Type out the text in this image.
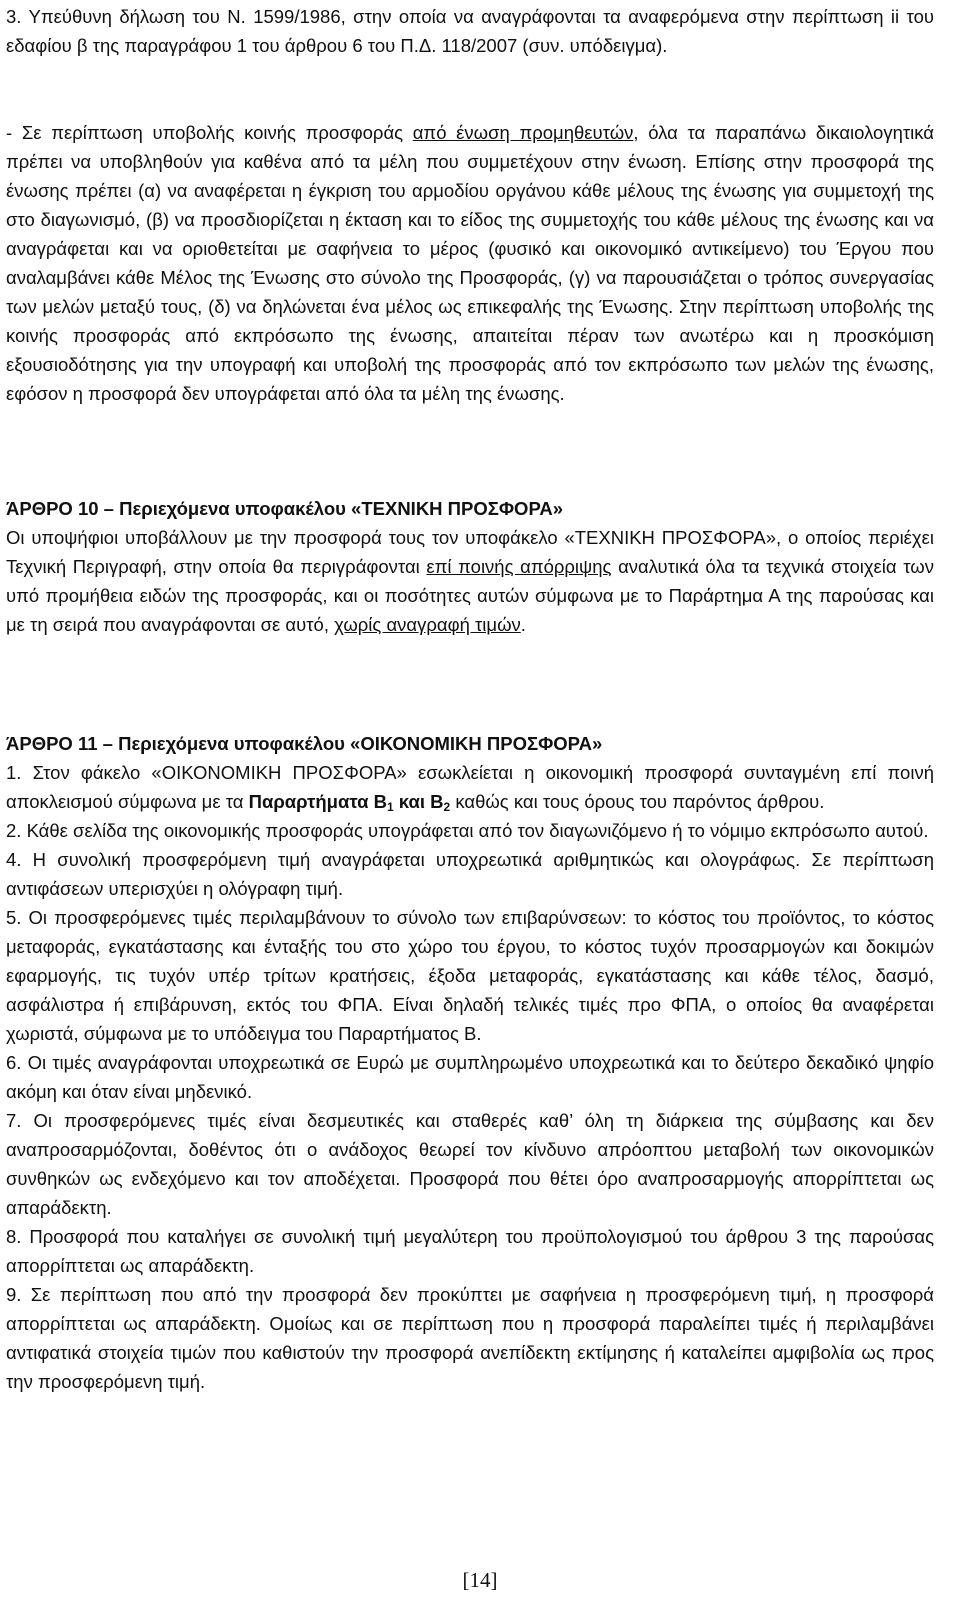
3. Υπεύθυνη δήλωση του Ν. 1599/1986, στην οποία να αναγράφονται τα αναφερόμενα στην περίπτωση ii του εδαφίου β της παραγράφου 1 του άρθρου 6 του Π.Δ. 118/2007 (συν. υπόδειγμα).

- Σε περίπτωση υποβολής κοινής προσφοράς από ένωση προμηθευτών, όλα τα παραπάνω δικαιολογητικά πρέπει να υποβληθούν για καθένα από τα μέλη που συμμετέχουν στην ένωση. Επίσης στην προσφορά της ένωσης πρέπει (α) να αναφέρεται η έγκριση του αρμοδίου οργάνου κάθε μέλους της ένωσης για συμμετοχή της στο διαγωνισμό, (β) να προσδιορίζεται η έκταση και το είδος της συμμετοχής του κάθε μέλους της ένωσης και να αναγράφεται και να οριοθετείται με σαφήνεια το μέρος (φυσικό και οικονομικό αντικείμενο) του Έργου που αναλαμβάνει κάθε Μέλος της Ένωσης στο σύνολο της Προσφοράς, (γ) να παρουσιάζεται ο τρόπος συνεργασίας των μελών μεταξύ τους, (δ) να δηλώνεται ένα μέλος ως επικεφαλής της Ένωσης. Στην περίπτωση υποβολής της κοινής προσφοράς από εκπρόσωπο της ένωσης, απαιτείται πέραν των ανωτέρω και η προσκόμιση εξουσιοδότησης για την υπογραφή και υποβολή της προσφοράς από τον εκπρόσωπο των μελών της ένωσης, εφόσον η προσφορά δεν υπογράφεται από όλα τα μέλη της ένωσης.

ΆΡΘΡΟ 10 – Περιεχόμενα υποφακέλου «ΤΕΧΝΙΚΗ ΠΡΟΣΦΟΡΑ»

Οι υποψήφιοι υποβάλλουν με την προσφορά τους τον υποφάκελο «ΤΕΧΝΙΚΗ ΠΡΟΣΦΟΡΑ», ο οποίος περιέχει Τεχνική Περιγραφή, στην οποία θα περιγράφονται επί ποινής απόρριψης αναλυτικά όλα τα τεχνικά στοιχεία των υπό προμήθεια ειδών της προσφοράς, και οι ποσότητες αυτών σύμφωνα με το Παράρτημα Α της παρούσας και με τη σειρά που αναγράφονται σε αυτό, χωρίς αναγραφή τιμών.

ΆΡΘΡΟ 11 – Περιεχόμενα υποφακέλου «ΟΙΚΟΝΟΜΙΚΗ ΠΡΟΣΦΟΡΑ»

1. Στον φάκελο «ΟΙΚΟΝΟΜΙΚΗ ΠΡΟΣΦΟΡΑ» εσωκλείεται η οικονομική προσφορά συνταγμένη επί ποινή αποκλεισμού σύμφωνα με τα Παραρτήματα $B_1$ και $B_2$ καθώς και τους όρους του παρόντος άρθρου.

2. Κάθε σελίδα της οικονομικής προσφοράς υπογράφεται από τον διαγωνιζόμενο ή το νόμιμο εκπρόσωπο αυτού.

4. Η συνολική προσφερόμενη τιμή αναγράφεται υποχρεωτικά αριθμητικώς και ολογράφως. Σε περίπτωση αντιφάσεων υπερισχύει η ολόγραφη τιμή.

5. Οι προσφερόμενες τιμές περιλαμβάνουν το σύνολο των επιβαρύνσεων: το κόστος του προϊόντος, το κόστος μεταφοράς, εγκατάστασης και ένταξής του στο χώρο του έργου, το κόστος τυχόν προσαρμογών και δοκιμών εφαρμογής, τις τυχόν υπέρ τρίτων κρατήσεις, έξοδα μεταφοράς, εγκατάστασης και κάθε τέλος, δασμό, ασφάλιστρα ή επιβάρυνση, εκτός του ΦΠΑ. Είναι δηλαδή τελικές τιμές προ ΦΠΑ, ο οποίος θα αναφέρεται χωριστά, σύμφωνα με το υπόδειγμα του Παραρτήματος Β.

6. Οι τιμές αναγράφονται υποχρεωτικά σε Ευρώ με συμπληρωμένο υποχρεωτικά και το δεύτερο δεκαδικό ψηφίο ακόμη και όταν είναι μηδενικό.

7. Οι προσφερόμενες τιμές είναι δεσμευτικές και σταθερές καθ’ όλη τη διάρκεια της σύμβασης και δεν αναπροσαρμόζονται, δοθέντος ότι ο ανάδοχος θεωρεί τον κίνδυνο απρόοπτου μεταβολή των οικονομικών συνθηκών ως ενδεχόμενο και τον αποδέχεται. Προσφορά που θέτει όρο αναπροσαρμογής απορρίπτεται ως απαράδεκτη.

8. Προσφορά που καταλήγει σε συνολική τιμή μεγαλύτερη του προϋπολογισμού του άρθρου 3 της παρούσας απορρίπτεται ως απαράδεκτη.

9. Σε περίπτωση που από την προσφορά δεν προκύπτει με σαφήνεια η προσφερόμενη τιμή, η προσφορά απορρίπτεται ως απαράδεκτη. Ομοίως και σε περίπτωση που η προσφορά παραλείπει τιμές ή περιλαμβάνει αντιφατικά στοιχεία τιμών που καθιστούν την προσφορά ανεπίδεκτη εκτίμησης ή καταλείπει αμφιβολία ως προς την προσφερόμενη τιμή.

[14]
